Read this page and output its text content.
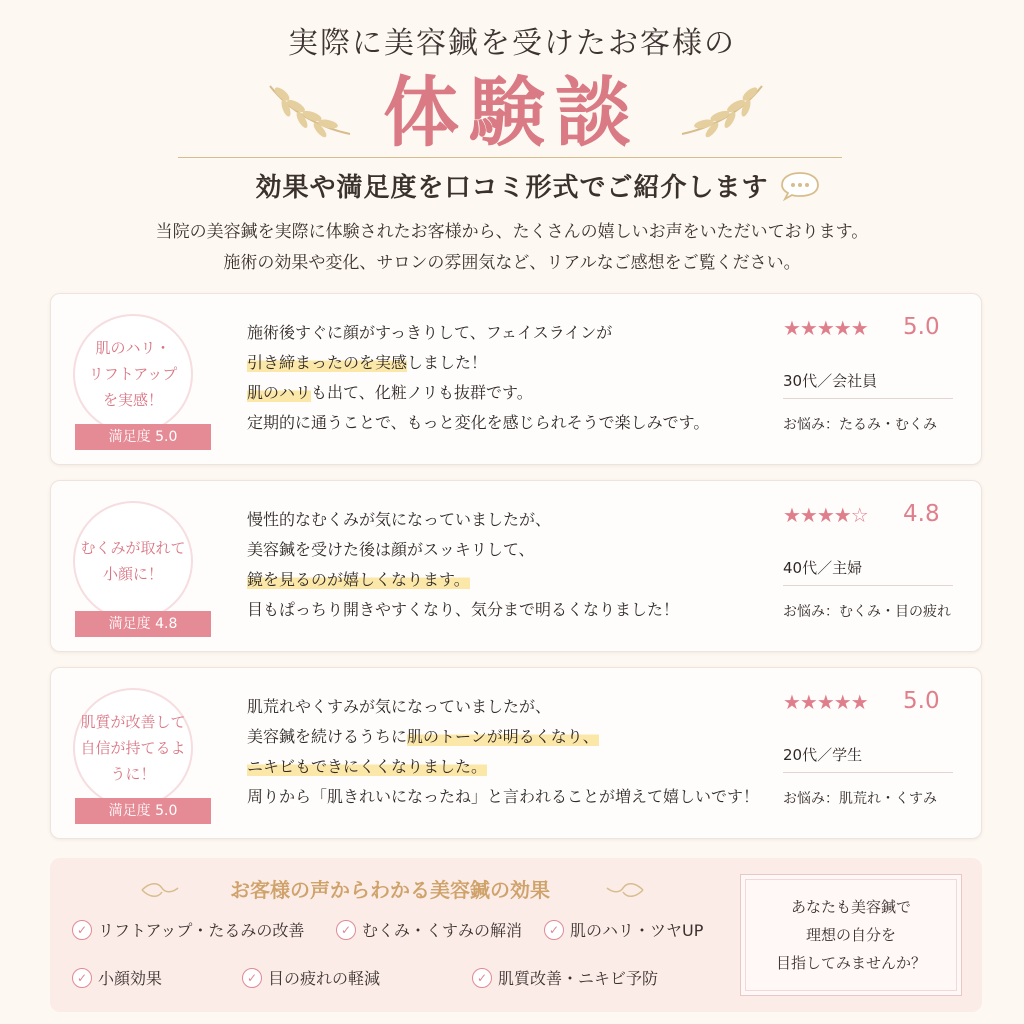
実際に美容鍼を受けたお客様の
体験談
効果や満足度を口コミ形式でご紹介します
当院の美容鍼を実際に体験されたお客様から、たくさんの嬉しいお声をいただいております。
施術の効果や変化、サロンの雰囲気など、リアルなご感想をご覧ください。
肌のハリ・
リフトアップ
を実感！
満足度 5.0
施術後すぐに顔がすっきりして、フェイスラインが
引き締まったのを実感しました！
肌のハリも出て、化粧ノリも抜群です。
定期的に通うことで、もっと変化を感じられそうで楽しみです。
★★★★★ 5.0
30代／会社員
お悩み：たるみ・むくみ
むくみが取れて
小顔に！
満足度 4.8
慢性的なむくみが気になっていましたが、
美容鍼を受けた後は顔がスッキリして、
鏡を見るのが嬉しくなります。
目もぱっちり開きやすくなり、気分まで明るくなりました！
★★★★☆ 4.8
40代／主婦
お悩み：むくみ・目の疲れ
肌質が改善して
自信が持てるように！
満足度 5.0
肌荒れやくすみが気になっていましたが、
美容鍼を続けるうちに肌のトーンが明るくなり、
ニキビもできにくくなりました。
周りから「肌きれいになったね」と言われることが増えて嬉しいです！
★★★★★ 5.0
20代／学生
お悩み：肌荒れ・くすみ
お客様の声からわかる美容鍼の効果
✓ リフトアップ・たるみの改善	✓ むくみ・くすみの解消	✓ 肌のハリ・ツヤUP
✓ 小顔効果	✓ 目の疲れの軽減	✓ 肌質改善・ニキビ予防
あなたも美容鍼で
理想の自分を
目指してみませんか？
